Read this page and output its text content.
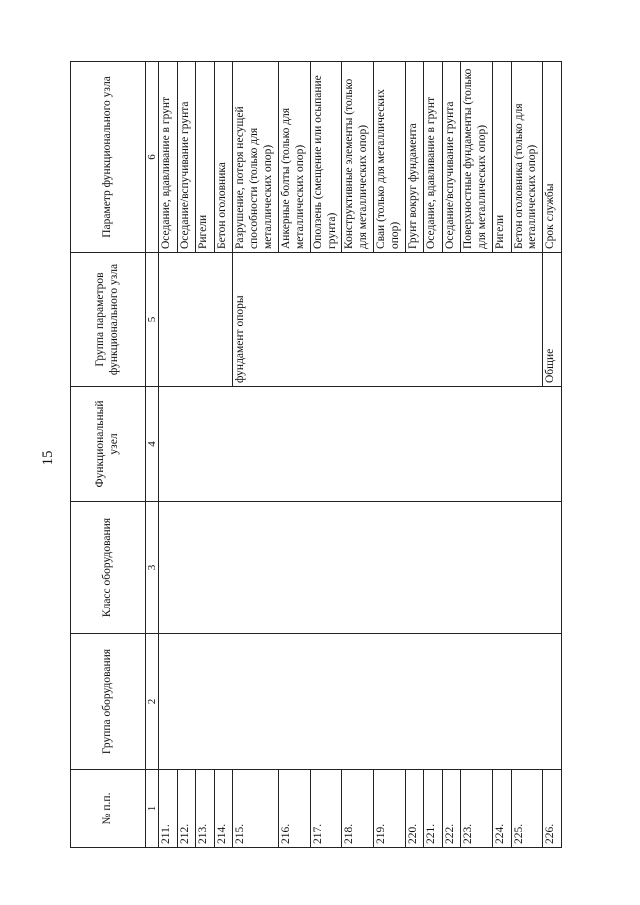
15
№ п.п.	Группа оборудования	Класс оборудования	Функциональный узел	Группа параметров функционального узла	Параметр функционального узла
1	2	3	4	5	6
211.					Оседание, вдавливание в грунт
212.					Оседание/вспучивание грунта
213.					Ригели
214.					Бетон оголовника
215.				фундамент опоры	Разрушение, потеря несущей способности (только для металлических опор)
216.					Анкерные болты (только для металлических опор)
217.					Оползень (смещение или осыпание грунта)
218.					Конструктивные элементы (только для металлических опор)
219.					Сваи (только для металлических опор)
220.					Грунт вокруг фундамента
221.					Оседание, вдавливание в грунт
222.					Оседание/вспучивание грунта
223.					Поверхностные фундаменты (только для металлических опор)
224.					Ригели
225.					Бетон оголовника (только для металлических опор)
226.				Общие	Срок службы
